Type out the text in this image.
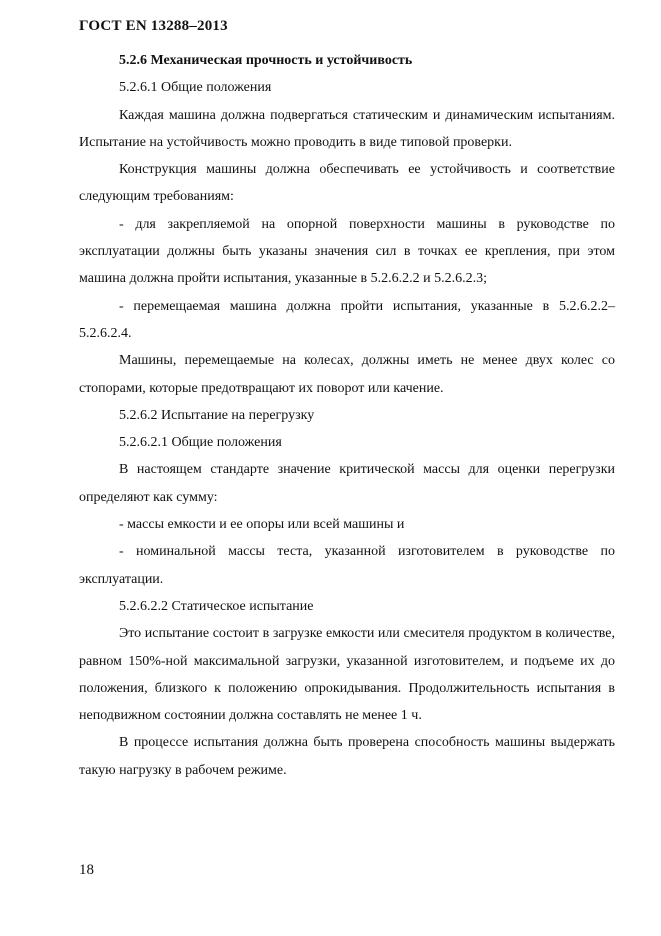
ГОСТ EN 13288–2013

5.2.6 Механическая прочность и устойчивость

5.2.6.1 Общие положения

Каждая машина должна подвергаться статическим и динамическим испытаниям. Испытание на устойчивость можно проводить в виде типовой проверки.

Конструкция машины должна обеспечивать ее устойчивость и соответствие следующим требованиям:

- для закрепляемой на опорной поверхности машины в руководстве по эксплуатации должны быть указаны значения сил в точках ее крепления, при этом машина должна пройти испытания, указанные в 5.2.6.2.2 и 5.2.6.2.3;

- перемещаемая машина должна пройти испытания, указанные в 5.2.6.2.2–5.2.6.2.4.

Машины, перемещаемые на колесах, должны иметь не менее двух колес со стопорами, которые предотвращают их поворот или качение.

5.2.6.2 Испытание на перегрузку

5.2.6.2.1 Общие положения

В настоящем стандарте значение критической массы для оценки перегрузки определяют как сумму:

- массы емкости и ее опоры или всей машины и

- номинальной массы теста, указанной изготовителем в руководстве по эксплуатации.

5.2.6.2.2 Статическое испытание

Это испытание состоит в загрузке емкости или смесителя продуктом в количестве, равном 150%-ной максимальной загрузки, указанной изготовителем, и подъеме их до положения, близкого к положению опрокидывания. Продолжительность испытания в неподвижном состоянии должна составлять не менее 1 ч.

В процессе испытания должна быть проверена способность машины выдержать такую нагрузку в рабочем режиме.

18
